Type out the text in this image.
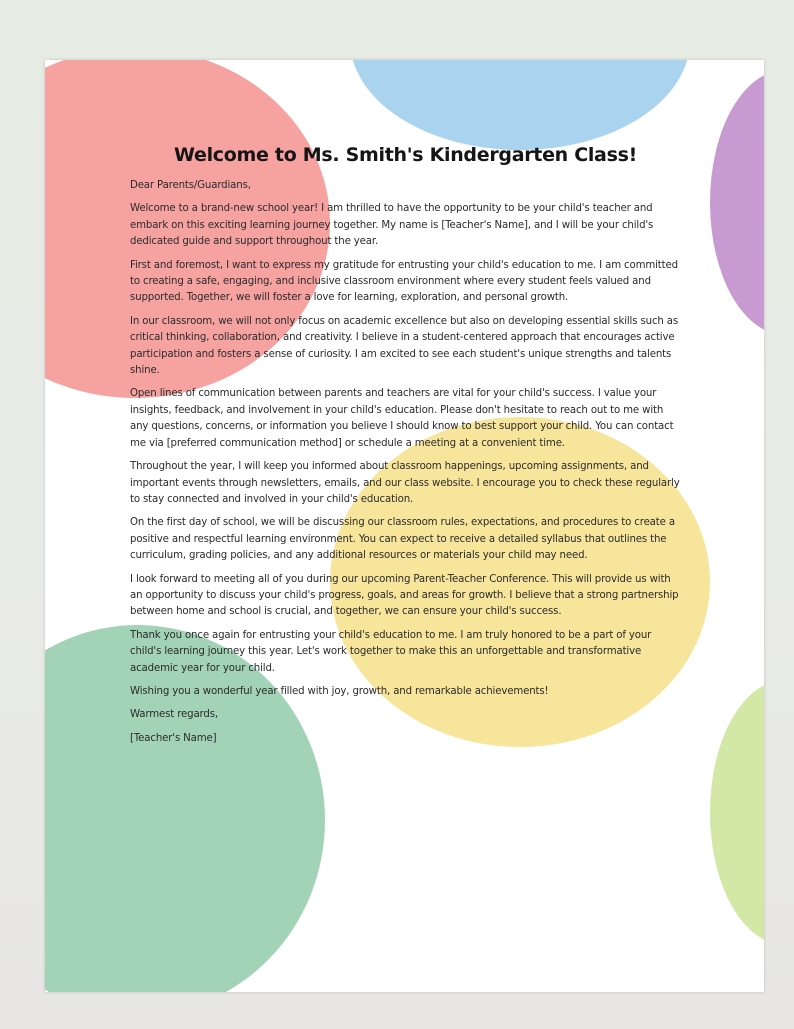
Welcome to Ms. Smith's Kindergarten Class!

Dear Parents/Guardians,

Welcome to a brand-new school year! I am thrilled to have the opportunity to be your child's teacher and embark on this exciting learning journey together. My name is [Teacher's Name], and I will be your child's dedicated guide and support throughout the year.

First and foremost, I want to express my gratitude for entrusting your child's education to me. I am committed to creating a safe, engaging, and inclusive classroom environment where every student feels valued and supported. Together, we will foster a love for learning, exploration, and personal growth.

In our classroom, we will not only focus on academic excellence but also on developing essential skills such as critical thinking, collaboration, and creativity. I believe in a student-centered approach that encourages active participation and fosters a sense of curiosity. I am excited to see each student's unique strengths and talents shine.

Open lines of communication between parents and teachers are vital for your child's success. I value your insights, feedback, and involvement in your child's education. Please don't hesitate to reach out to me with any questions, concerns, or information you believe I should know to best support your child. You can contact me via [preferred communication method] or schedule a meeting at a convenient time.

Throughout the year, I will keep you informed about classroom happenings, upcoming assignments, and important events through newsletters, emails, and our class website. I encourage you to check these regularly to stay connected and involved in your child's education.

On the first day of school, we will be discussing our classroom rules, expectations, and procedures to create a positive and respectful learning environment. You can expect to receive a detailed syllabus that outlines the curriculum, grading policies, and any additional resources or materials your child may need.

I look forward to meeting all of you during our upcoming Parent-Teacher Conference. This will provide us with an opportunity to discuss your child's progress, goals, and areas for growth. I believe that a strong partnership between home and school is crucial, and together, we can ensure your child's success.

Thank you once again for entrusting your child's education to me. I am truly honored to be a part of your child's learning journey this year. Let's work together to make this an unforgettable and transformative academic year for your child.

Wishing you a wonderful year filled with joy, growth, and remarkable achievements!

Warmest regards,

[Teacher's Name]
